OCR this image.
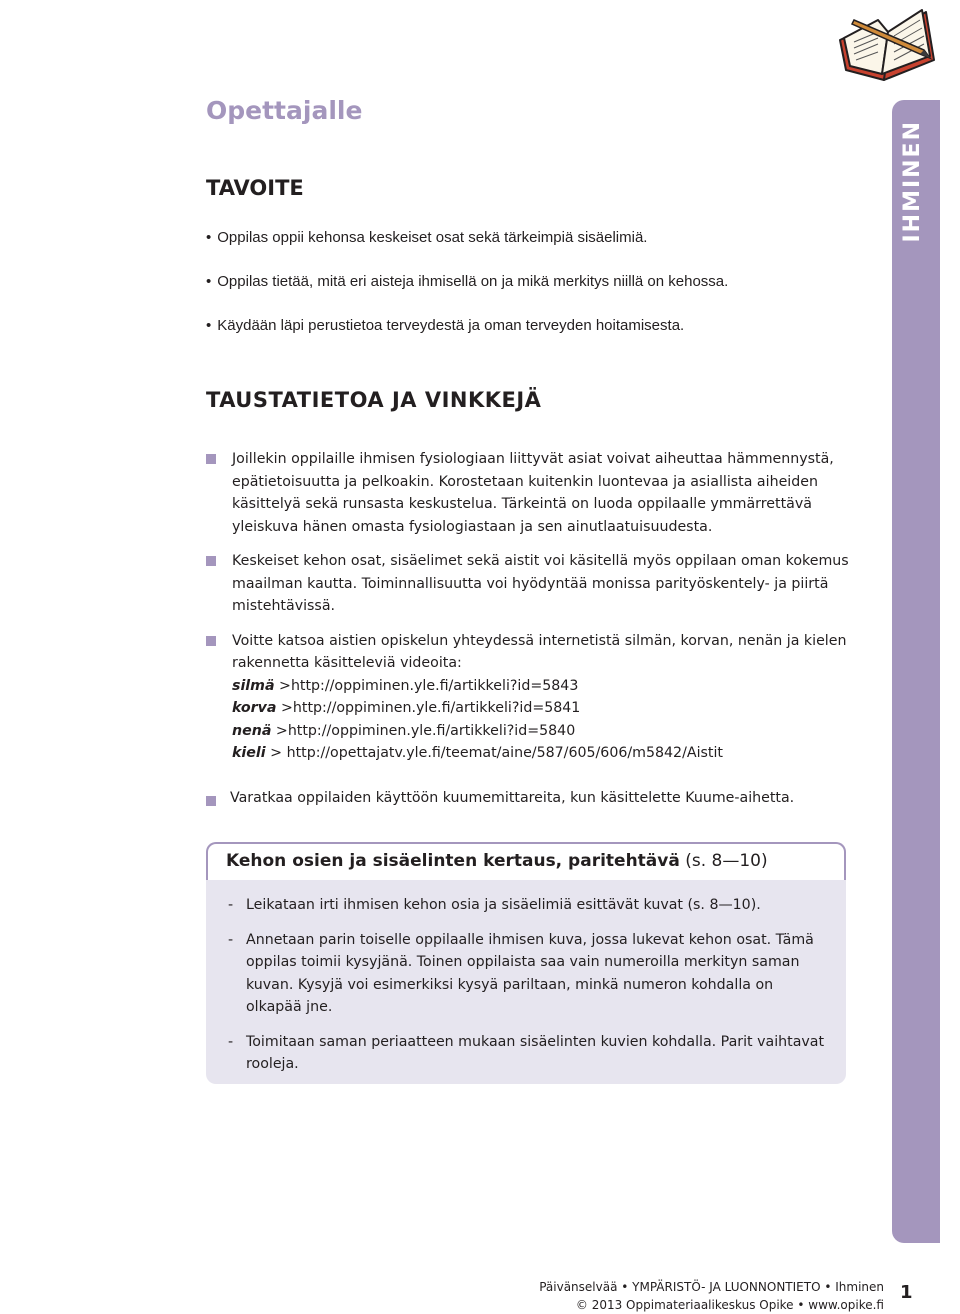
IHMINEN
Opettajalle
TAVOITE

• Oppilas oppii kehonsa keskeiset osat sekä tärkeimpiä sisäelimiä.

• Oppilas tietää, mitä eri aisteja ihmisellä on ja mikä merkitys niillä on kehossa.

• Käydään läpi perustietoa terveydestä ja oman terveyden hoitamisesta.

TAUSTATIETOA JA VINKKEJÄ

Joillekin oppilaille ihmisen fysiologiaan liittyvät asiat voivat aiheuttaa hämmennystä, epätietoisuutta ja pelkoakin. Korostetaan kuitenkin luontevaa ja asiallista aiheiden käsittelyä sekä runsasta keskustelua. Tärkeintä on luoda oppilaalle ymmärrettävä yleiskuva hänen omasta fysiologiastaan ja sen ainutlaatuisuudesta.

Keskeiset kehon osat, sisäelimet sekä aistit voi käsitellä myös oppilaan oman kokemus maailman kautta. Toiminnallisuutta voi hyödyntää monissa parityöskentely- ja piirtä mistehtävissä.

Voitte katsoa aistien opiskelun yhteydessä internetistä silmän, korvan, nenän ja kielen rakennetta käsitteleviä videoita:

silmä >http://oppiminen.yle.fi/artikkeli?id=5843

korva >http://oppiminen.yle.fi/artikkeli?id=5841

nenä >http://oppiminen.yle.fi/artikkeli?id=5840

kieli > http://opettajatv.yle.fi/teemat/aine/587/605/606/m5842/Aistit

Varatkaa oppilaiden käyttöön kuumemittareita, kun käsittelette Kuume-aihetta.

Kehon osien ja sisäelinten kertaus, paritehtävä (s. 8—10)

- Leikataan irti ihmisen kehon osia ja sisäelimiä esittävät kuvat (s. 8—10).
- Annetaan parin toiselle oppilaalle ihmisen kuva, jossa lukevat kehon osat. Tämä oppilas toimii kysyjänä. Toinen oppilaista saa vain numeroilla merkityn saman kuvan. Kysyjä voi esimerkiksi kysyä pariltaan, minkä numeron kohdalla on olkapää jne.
- Toimitaan saman periaatteen mukaan sisäelinten kuvien kohdalla. Parit vaihtavat rooleja.

Päivänselvää • YMPÄRISTÖ- JA LUONNONTIETO • Ihminen

© 2013 Oppimateriaalikeskus Opike • www.opike.fi

1
